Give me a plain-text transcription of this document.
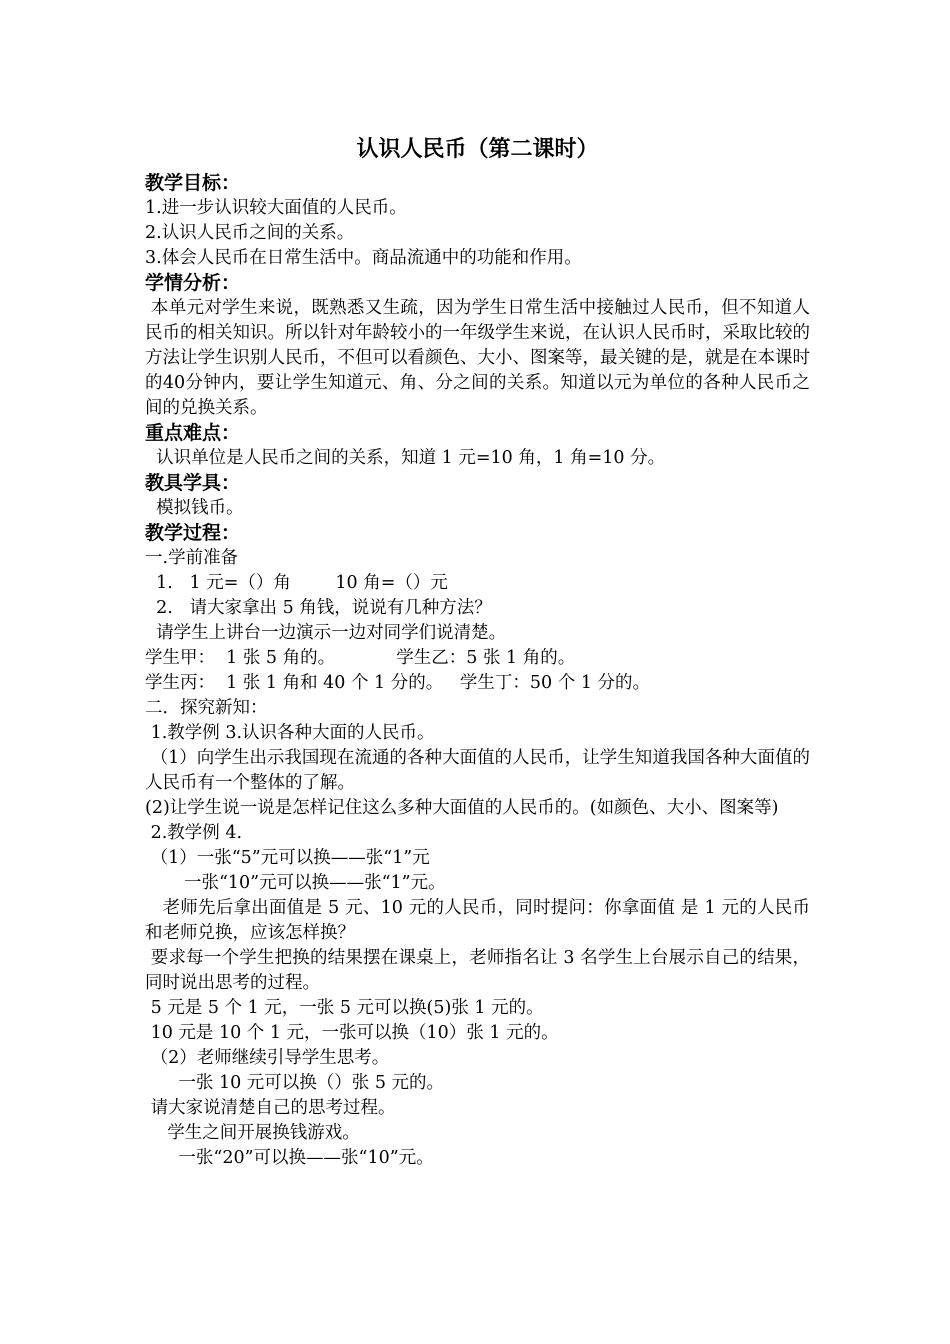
认识人民币（第二课时）
教学目标：
1.进一步认识较大面值的人民币。
2.认识人民币之间的关系。
3.体会人民币在日常生活中。商品流通中的功能和作用。
学情分析：
本单元对学生来说，既熟悉又生疏，因为学生日常生活中接触过人民币，但不知道人民币的相关知识。所以针对年龄较小的一年级学生来说，在认识人民币时，采取比较的方法让学生识别人民币，不但可以看颜色、大小、图案等，最关键的是，就是在本课时的40分钟内，要让学生知道元、角、分之间的关系。知道以元为单位的各种人民币之间的兑换关系。
重点难点：
认识单位是人民币之间的关系，知道 1 元=10 角，1 角=10 分。
教具学具：
模拟钱币。
教学过程：
一.学前准备
1.   1 元=（）角        10 角=（）元
2.   请大家拿出 5 角钱，说说有几种方法？
请学生上讲台一边演示一边对同学们说清楚。
学生甲：  1 张 5 角的。           学生乙：5 张 1 角的。
学生丙：  1 张 1 角和 40 个 1 分的。   学生丁：50 个 1 分的。
二．探究新知：
1.教学例 3.认识各种大面的人民币。
（1）向学生出示我国现在流通的各种大面值的人民币，让学生知道我国各种大面值的人民币有一个整体的了解。
(2)让学生说一说是怎样记住这么多种大面值的人民币的。(如颜色、大小、图案等)
2.教学例 4.
（1）一张“5”元可以换——张“1”元
一张“10”元可以换——张“1”元。
老师先后拿出面值是 5 元、10 元的人民币，同时提问：你拿面值 是 1 元的人民币和老师兑换，应该怎样换？
要求每一个学生把换的结果摆在课桌上，老师指名让 3 名学生上台展示自己的结果，同时说出思考的过程。
5 元是 5 个 1 元，一张 5 元可以换(5)张 1 元的。
10 元是 10 个 1 元，一张可以换（10）张 1 元的。
（2）老师继续引导学生思考。
一张 10 元可以换（）张 5 元的。
请大家说清楚自己的思考过程。
学生之间开展换钱游戏。
一张“20”可以换——张“10”元。
